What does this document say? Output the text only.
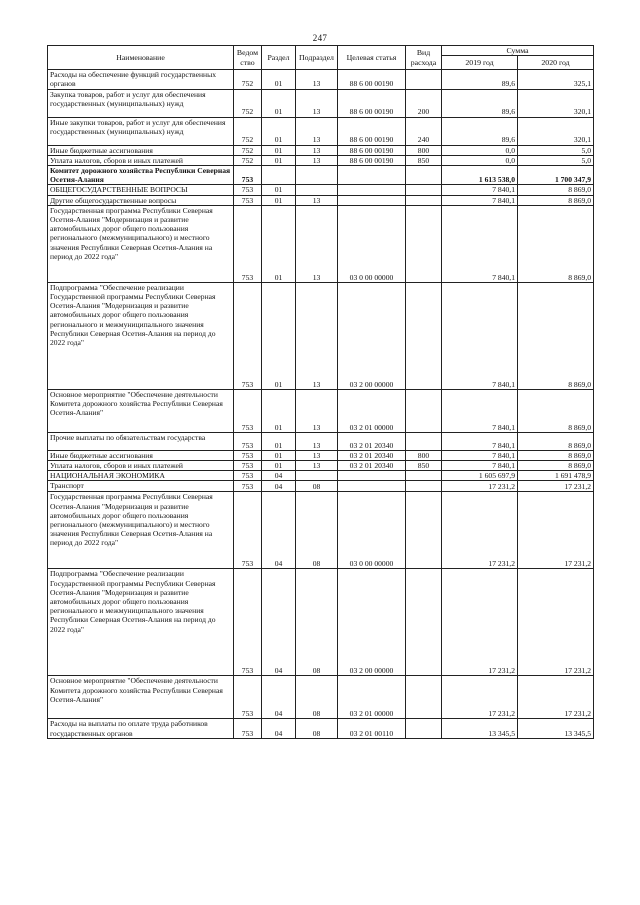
247
Наименование	Ведом ство	Раздел	Подраздел	Целевая статья	Вид расхода	Сумма	
						2019 год	2020 год
Расходы на обеспечение функций государственных органов	752	01	13	88 6 00 00190		89,6	325,1
Закупка товаров, работ и услуг для обеспечения государственных (муниципальных) нужд	752	01	13	88 6 00 00190	200	89,6	320,1
Иные закупки товаров, работ и услуг для обеспечения государственных (муниципальных) нужд	752	01	13	88 6 00 00190	240	89,6	320,1
Иные бюджетные ассигнования	752	01	13	88 6 00 00190	800	0,0	5,0
Уплата налогов, сборов и иных платежей	752	01	13	88 6 00 00190	850	0,0	5,0
Комитет дорожного хозяйства Республики Северная Осетия-Алания	753					1 613 538,0	1 700 347,9
ОБЩЕГОСУДАРСТВЕННЫЕ ВОПРОСЫ	753	01				7 840,1	8 869,0
Другие общегосударственные вопросы	753	01	13			7 840,1	8 869,0
Государственная программа Республики Северная Осетия-Алания "Модернизация и развитие автомобильных дорог общего пользования регионального (межмуниципального) и местного значения Республики Северная Осетия-Алания на период до 2022 года"	753	01	13	03 0 00 00000		7 840,1	8 869,0
Подпрограмма "Обеспечение реализации Государственной программы Республики Северная Осетия-Алания "Модернизация и развитие автомобильных дорог общего пользования регионального и межмуниципального значения Республики Северная Осетия-Алания на период до 2022 года"	753	01	13	03 2 00 00000		7 840,1	8 869,0
Основное мероприятие "Обеспечение деятельности Комитета дорожного хозяйства Республики Северная Осетия-Алания"	753	01	13	03 2 01 00000		7 840,1	8 869,0
Прочие выплаты по обязательствам государства	753	01	13	03 2 01 20340		7 840,1	8 869,0
Иные бюджетные ассигнования	753	01	13	03 2 01 20340	800	7 840,1	8 869,0
Уплата налогов, сборов и иных платежей	753	01	13	03 2 01 20340	850	7 840,1	8 869,0
НАЦИОНАЛЬНАЯ ЭКОНОМИКА	753	04				1 605 697,9	1 691 478,9
Транспорт	753	04	08			17 231,2	17 231,2
Государственная программа Республики Северная Осетия-Алания "Модернизация и развитие автомобильных дорог общего пользования регионального (межмуниципального) и местного значения Республики Северная Осетия-Алания на период до 2022 года"	753	04	08	03 0 00 00000		17 231,2	17 231,2
Подпрограмма "Обеспечение реализации Государственной программы Республики Северная Осетия-Алания "Модернизация и развитие автомобильных дорог общего пользования регионального и межмуниципального значения Республики Северная Осетия-Алания на период до 2022 года"	753	04	08	03 2 00 00000		17 231,2	17 231,2
Основное мероприятие "Обеспечение деятельности Комитета дорожного хозяйства Республики Северная Осетия-Алания"	753	04	08	03 2 01 00000		17 231,2	17 231,2
Расходы на выплаты по оплате труда работников государственных органов	753	04	08	03 2 01 00110		13 345,5	13 345,5
